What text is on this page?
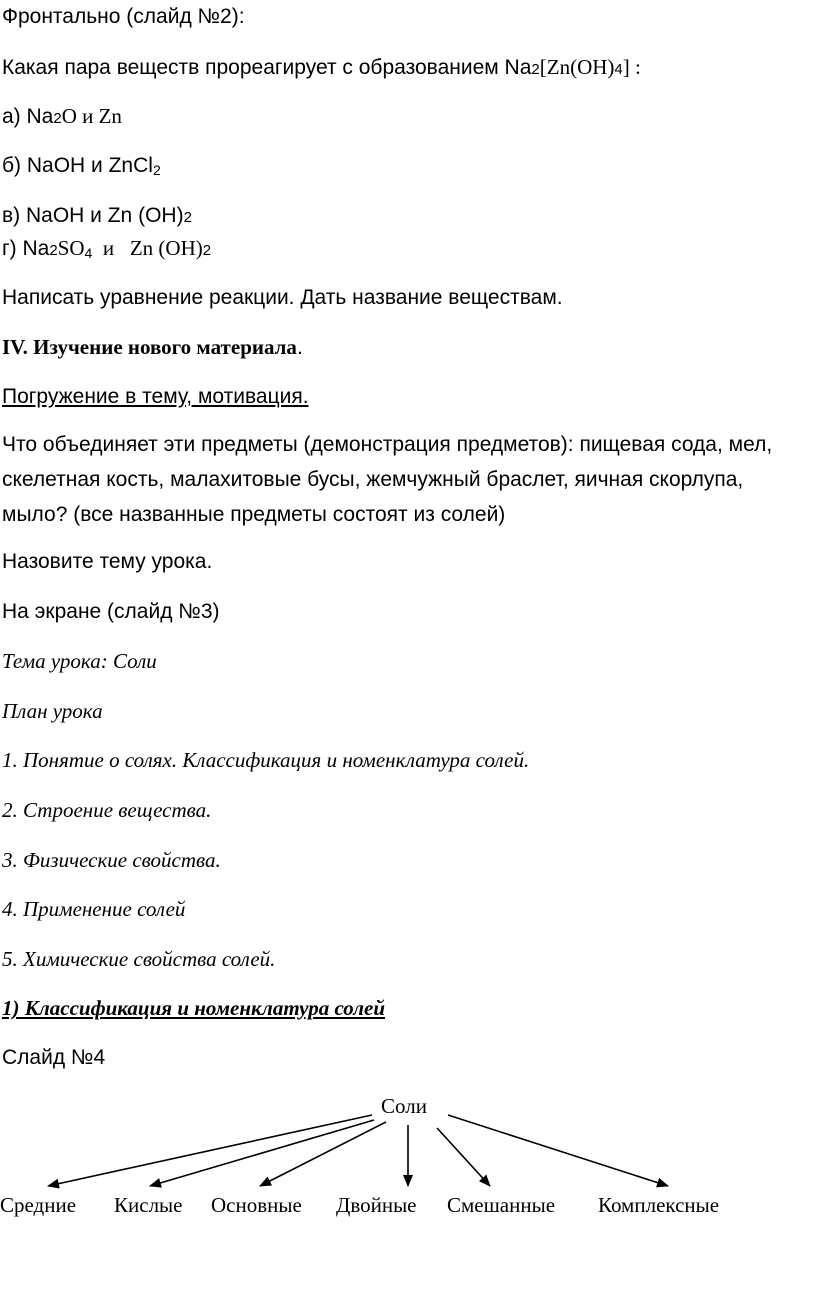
Фронтально (слайд №2):
Какая пара веществ прореагирует с образованием Na2[Zn(OH)4] :
а) Na2O и Zn
б) NaOH и ZnCl$_2$
в) NaOH и Zn (OH)2
г) $Na2SO_4$  и   Zn (OH)2
Написать уравнение реакции. Дать название веществам.
IV. Изучение нового материала.
Погружение в тему, мотивация.
Что объединяет эти предметы (демонстрация предметов): пищевая сода, мел,
скелетная кость, малахитовые бусы, жемчужный браслет, яичная скорлупа,
мыло? (все названные предметы состоят из солей)
Назовите тему урока.
На экране (слайд №3)
Тема урока: Соли
План урока
1. Понятие о солях. Классификация и номенклатура солей.
2. Строение вещества.
3. Физические свойства.
4. Применение солей
5. Химические свойства солей.
1) Классификация и номенклатура солей
Слайд №4
Соли
Средние Кислые Основные Двойные Смешанные Комплексные
